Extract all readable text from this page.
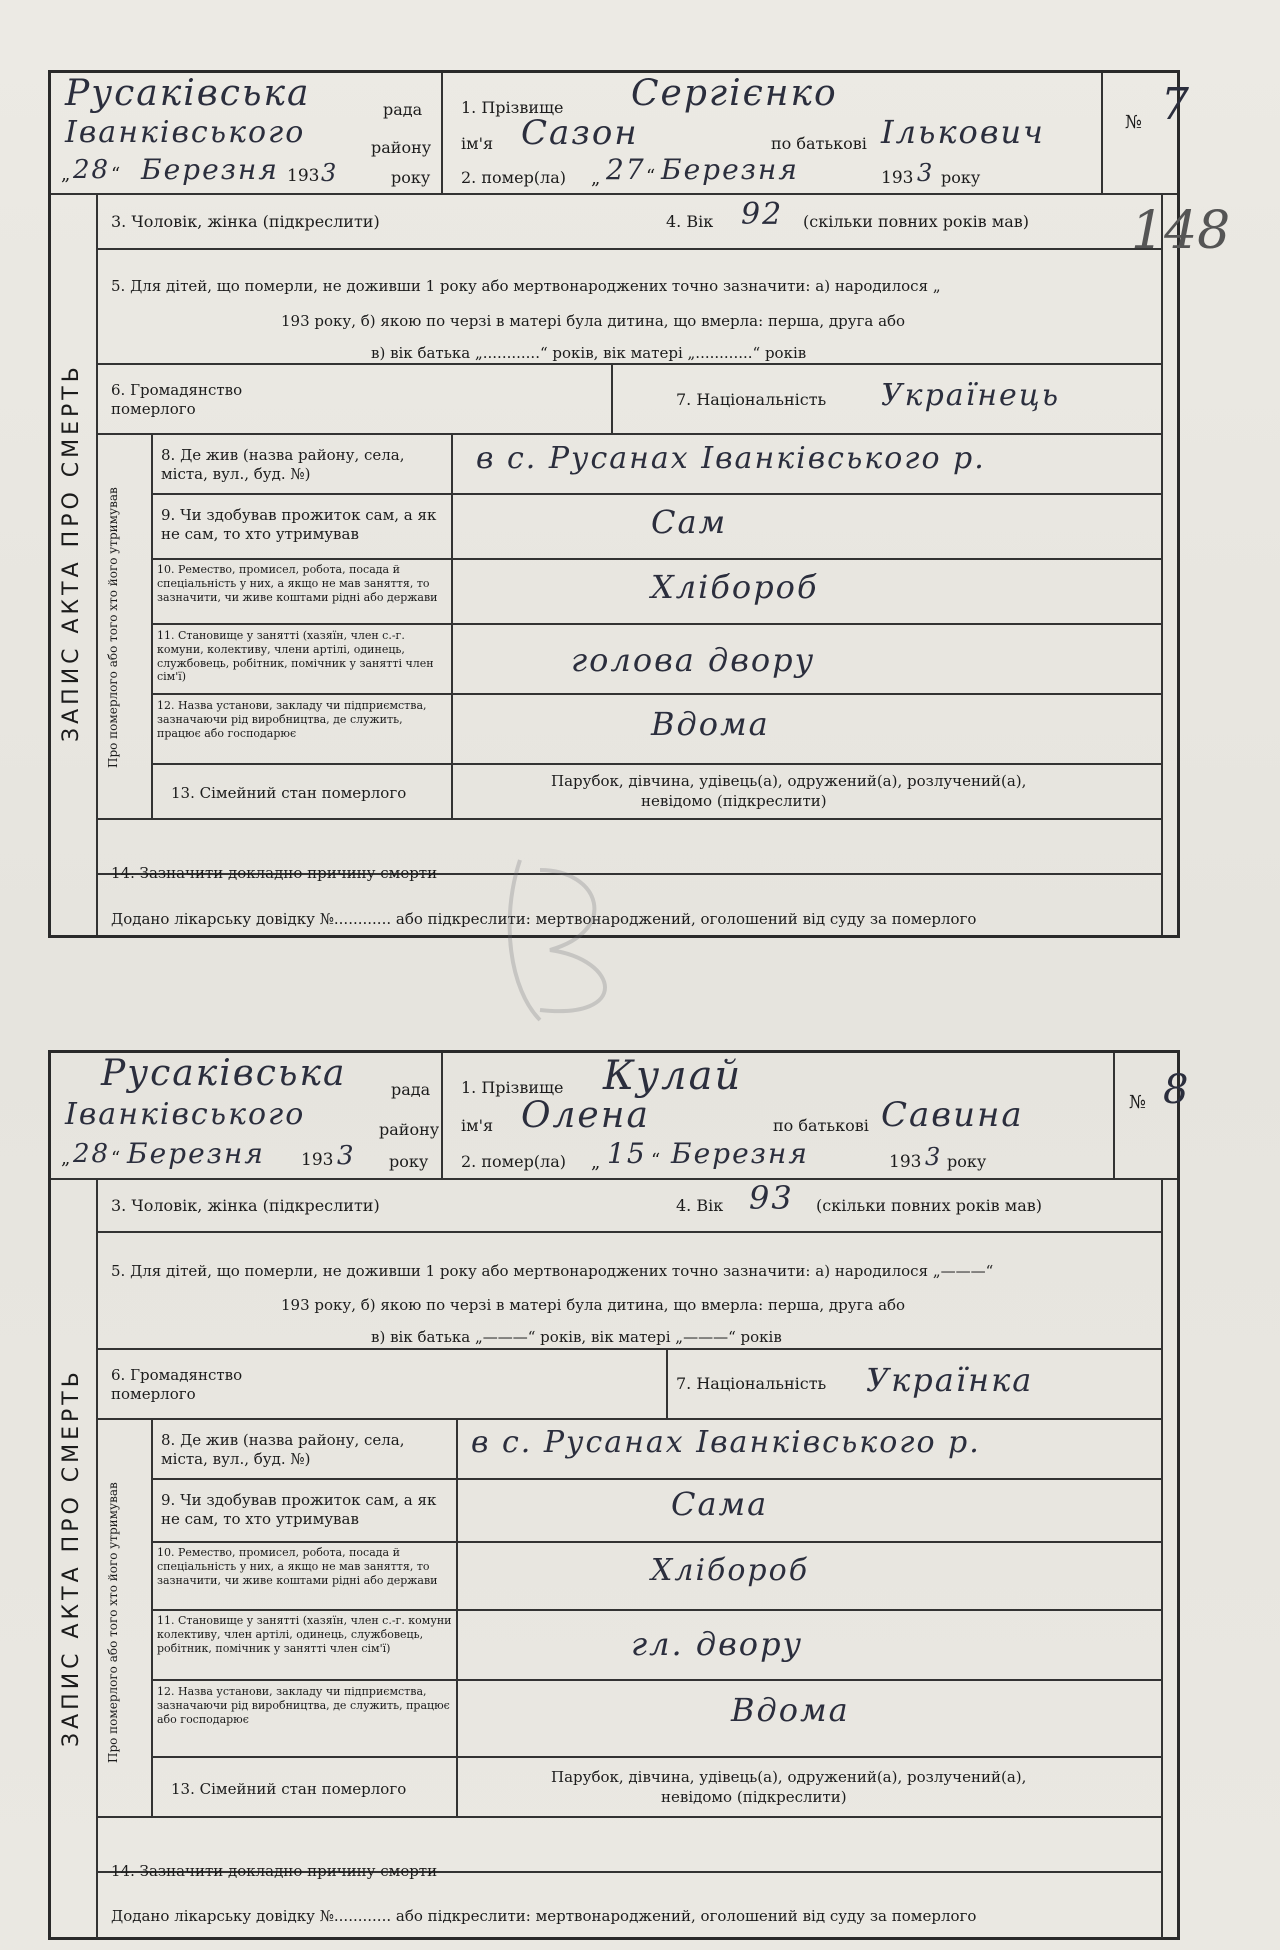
Русаківська	рада
Іванківського	району
„ 28 “ Березня 193 3	року
1. Прізвище Сергієнко
ім'я Сазон	по батькові Ількович
2. помер(ла) „ 27 “ Березня	193 3 року
№ 7
ЗАПИС АКТА ПРО СМЕРТЬ	Про померлого або того хто його утримував
3. Чоловік, жінка (підкреслити)	4. Вік 92 (скільки повних років мав)
5. Для дітей, що померли, не доживши 1 року або мертвонароджених точно зазначити: а) народилося „
193 року, б) якою по черзі в матері була дитина, що вмерла: перша, друга або
в) вік батька „............“ років, вік матері „............“ років
6. Громадянство померлого	7. Національність Українець
8. Де жив (назва району, села, міста, вул., буд. №)	в с. Русанах Іванківського р.
9. Чи здобував прожиток сам, а як не сам, то хто утримував	Сам
10. Ремество, промисел, робота, посада й спеціальність у них, а якщо не мав заняття, то зазначити, чи живе коштами рідні або держави	Хлібороб
11. Становище у занятті (хазяїн, член с.-г. комуни, колективу, члени артілі, одинець, службовець, робітник, помічник у занятті член сім'ї)	голова двору
12. Назва установи, закладу чи підприємства, зазначаючи рід виробництва, де служить, працює або господарює	Вдома
13. Сімейний стан померлого
Парубок, дівчина, удівець(а), одружений(а), розлучений(а),
невідомо (підкреслити)
14. Зазначити докладно причину смерти
Додано лікарську довідку №............ або підкреслити: мертвонароджений, оголошений від суду за померлого
148
Русаківська	рада
Іванківського	району
„ 28 “ Березня 193 3 року
1. Прізвище Кулай
ім'я Олена	по батькові Савина
2. помер(ла) „ 15 “ Березня	193 3 року
№ 8
ЗАПИС АКТА ПРО СМЕРТЬ	Про померлого або того хто його утримував
3. Чоловік, жінка (підкреслити)	4. Вік 93 (скільки повних років мав)
5. Для дітей, що померли, не доживши 1 року або мертвонароджених точно зазначити: а) народилося „———“
193 року, б) якою по черзі в матері була дитина, що вмерла: перша, друга або
в) вік батька „———“ років, вік матері „———“ років
6. Громадянство померлого
7. Національність Українка
8. Де жив (назва району, села, міста, вул., буд. №)	в с. Русанах Іванківського р.
9. Чи здобував прожиток сам, а як не сам, то хто утримував	Сама
10. Ремество, промисел, робота, посада й спеціальність у них, а якщо не мав заняття, то зазначити, чи живе коштами рідні або держави	Хлібороб
11. Становище у занятті (хазяїн, член с.-г. комуни колективу, член артілі, одинець, службовець, робітник, помічник у занятті член сім'ї)	гл. двору
12. Назва установи, закладу чи підприємства, зазначаючи рід виробництва, де служить, працює або господарює	Вдома
13. Сімейний стан померлого
Парубок, дівчина, удівець(а), одружений(а), розлучений(а),
невідомо (підкреслити)
14. Зазначити докладно причину смерти
Додано лікарську довідку №............ або підкреслити: мертвонароджений, оголошений від суду за померлого
